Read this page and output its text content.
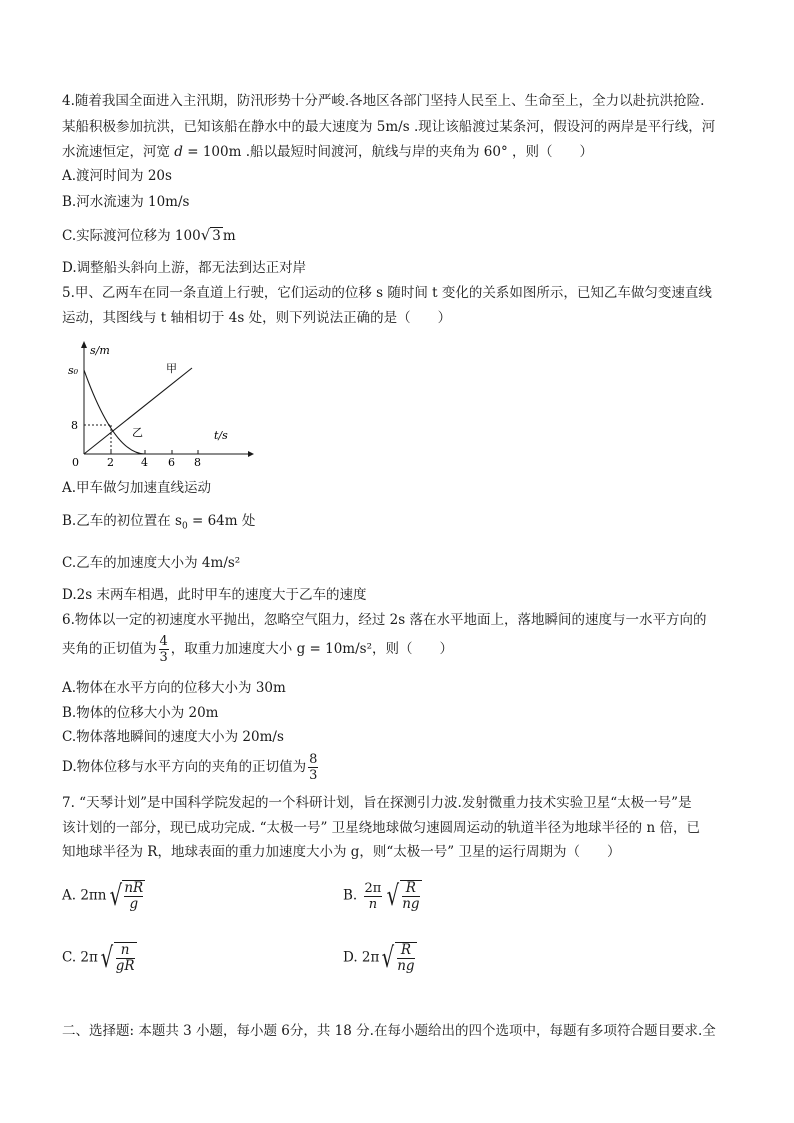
4.随着我国全面进入主汛期，防汛形势十分严峻.各地区各部门坚持人民至上、生命至上，全力以赴抗洪抢险.
某船积极参加抗洪，已知该船在静水中的最大速度为 5m/s .现让该船渡过某条河，假设河的两岸是平行线，河
水流速恒定，河宽 d = 100m .船以最短时间渡河，航线与岸的夹角为 60° ，则（　　）
A.渡河时间为 20s
B.河水流速为 10m/s
C.实际渡河位移为 100√ 3 m
D.调整船头斜向上游，都无法到达正对岸
5.甲、乙两车在同一条直道上行驶，它们运动的位移 s 随时间 t 变化的关系如图所示，已知乙车做匀变速直线
运动，其图线与 t 轴相切于 4s 处，则下列说法正确的是（　　）
s/m
t/s
s₀
8
0	2 4 6 8
甲
乙
A.甲车做匀加速直线运动
B.乙车的初位置在 $s_0 = 64m$ 处
C.乙车的加速度大小为 4m/s²
D.2s 末两车相遇，此时甲车的速度大于乙车的速度
6.物体以一定的初速度水平抛出，忽略空气阻力，经过 2s 落在水平地面上，落地瞬间的速度与一水平方向的
夹角的正切值为 $\frac{4}{3}$ ，取重力加速度大小 g = 10m/s²，则（　　）
A.物体在水平方向的位移大小为 30m
B.物体的位移大小为 20m
C.物体落地瞬间的速度大小为 20m/s
D.物体位移与水平方向的夹角的正切值为 $\frac{8}{3}$
7. “天琴计划”是中国科学院发起的一个科研计划，旨在探测引力波.发射微重力技术实验卫星“太极一号”是
该计划的一部分，现已成功完成. “太极一号” 卫星绕地球做匀速圆周运动的轨道半径为地球半径的 n 倍，已
知地球半径为 R，地球表面的重力加速度大小为 g，则“太极一号” 卫星的运行周期为（　　）
A. 2πn √ $\frac{nR}{g}$	B. $\frac{2\pi}{n}$ √ $\frac{R}{ng}$
C. 2π √ $\frac{n}{gR}$	D. 2π √ $\frac{R}{ng}$
二、选择题: 本题共 3 小题，每小题 6分，共 18 分.在每小题给出的四个选项中，每题有多项符合题目要求.全
